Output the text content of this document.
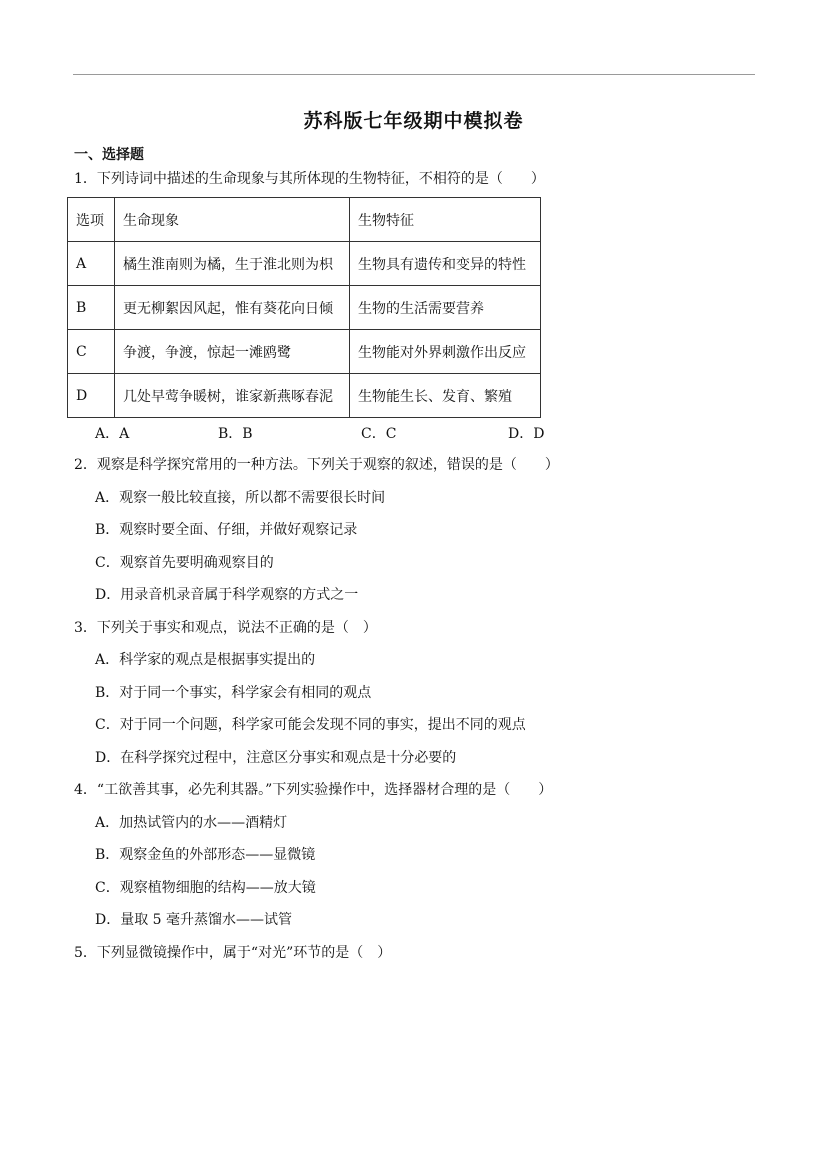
苏科版七年级期中模拟卷
一、选择题
1．下列诗词中描述的生命现象与其所体现的生物特征，不相符的是（　　）
选项	生命现象	生物特征
A	橘生淮南则为橘，生于淮北则为枳	生物具有遗传和变异的特性
B	更无柳絮因风起，惟有葵花向日倾	生物的生活需要营养
C	争渡，争渡，惊起一滩鸥鹭	生物能对外界刺激作出反应
D	几处早莺争暖树，谁家新燕啄春泥	生物能生长、发育、繁殖
A．A	B．B	C．C	D．D
2．观察是科学探究常用的一种方法。下列关于观察的叙述，错误的是（　　）
A．观察一般比较直接，所以都不需要很长时间
B．观察时要全面、仔细，并做好观察记录
C．观察首先要明确观察目的
D．用录音机录音属于科学观察的方式之一
3．下列关于事实和观点，说法不正确的是（　）
A．科学家的观点是根据事实提出的
B．对于同一个事实，科学家会有相同的观点
C．对于同一个问题，科学家可能会发现不同的事实，提出不同的观点
D．在科学探究过程中，注意区分事实和观点是十分必要的
4．“工欲善其事，必先利其器。”下列实验操作中，选择器材合理的是（　　）
A．加热试管内的水——酒精灯
B．观察金鱼的外部形态——显微镜
C．观察植物细胞的结构——放大镜
D．量取 5 毫升蒸馏水——试管
5．下列显微镜操作中，属于“对光”环节的是（　）
